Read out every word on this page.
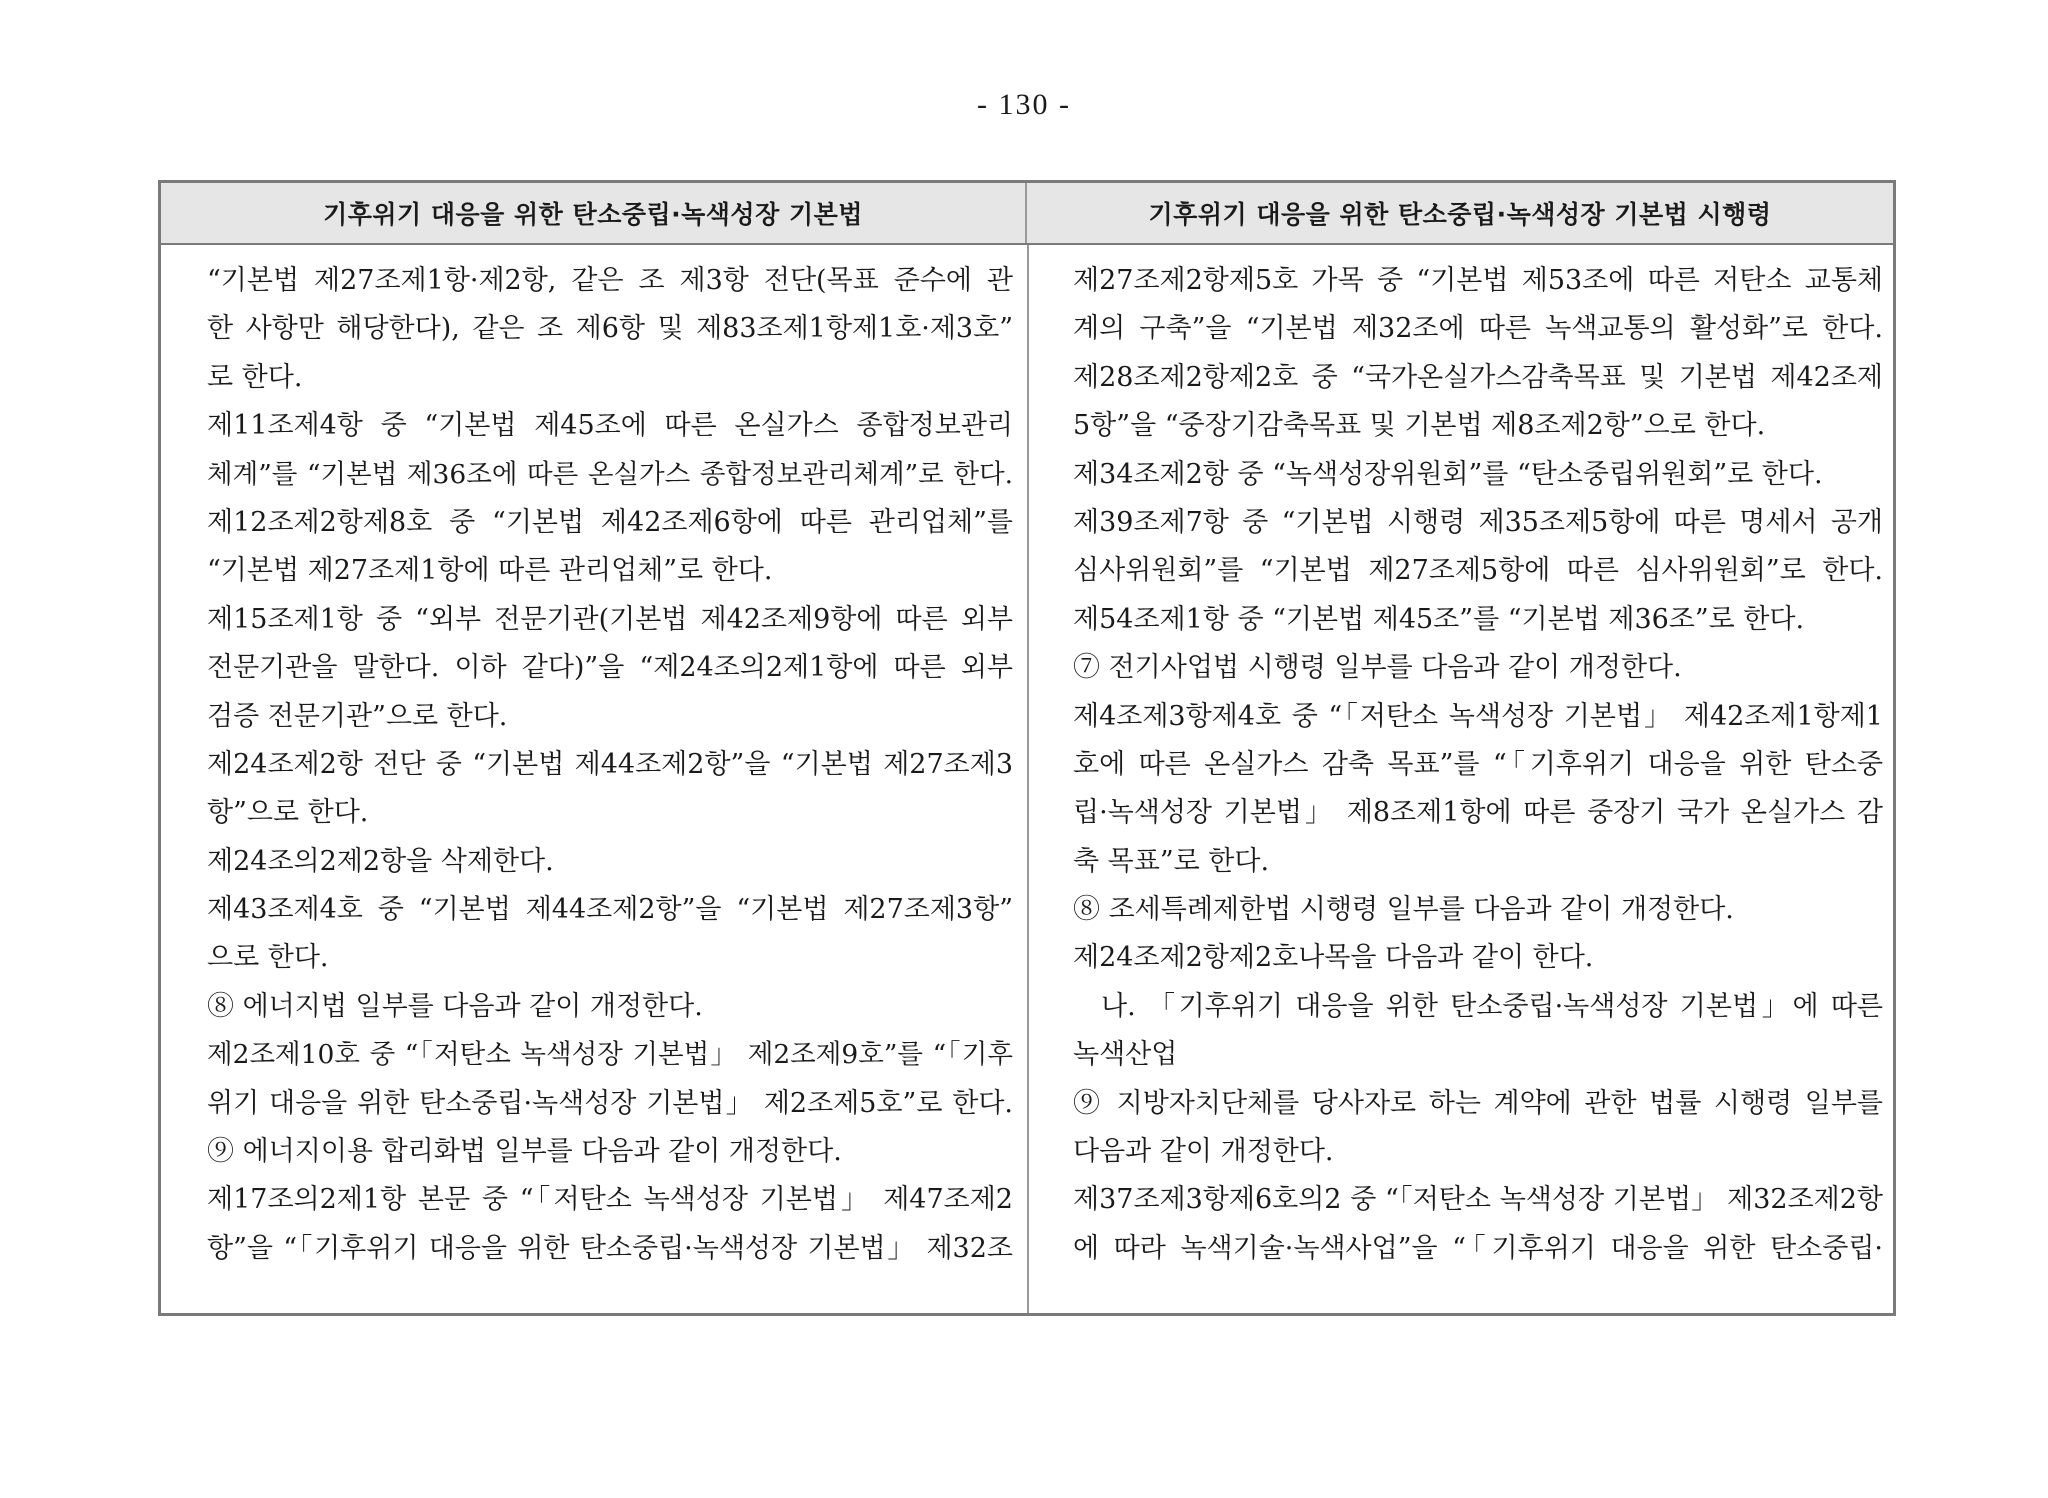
- 130 -
기후위기 대응을 위한 탄소중립·녹색성장 기본법	기후위기 대응을 위한 탄소중립·녹색성장 기본법 시행령
“기본법 제27조제1항·제2항, 같은 조 제3항 전단(목표 준수에 관
한 사항만 해당한다), 같은 조 제6항 및 제83조제1항제1호·제3호”
로 한다.
제11조제4항 중 “기본법 제45조에 따른 온실가스 종합정보관리
체계”를 “기본법 제36조에 따른 온실가스 종합정보관리체계”로 한다.
제12조제2항제8호 중 “기본법 제42조제6항에 따른 관리업체”를
“기본법 제27조제1항에 따른 관리업체”로 한다.
제15조제1항 중 “외부 전문기관(기본법 제42조제9항에 따른 외부
전문기관을 말한다. 이하 같다)”을 “제24조의2제1항에 따른 외부
검증 전문기관”으로 한다.
제24조제2항 전단 중 “기본법 제44조제2항”을 “기본법 제27조제3
항”으로 한다.
제24조의2제2항을 삭제한다.
제43조제4호 중 “기본법 제44조제2항”을 “기본법 제27조제3항”
으로 한다.
⑧ 에너지법 일부를 다음과 같이 개정한다.
제2조제10호 중 “「저탄소 녹색성장 기본법」 제2조제9호”를 “「기후
위기 대응을 위한 탄소중립·녹색성장 기본법」 제2조제5호”로 한다.
⑨ 에너지이용 합리화법 일부를 다음과 같이 개정한다.
제17조의2제1항 본문 중 “「저탄소 녹색성장 기본법」 제47조제2
항”을 “「기후위기 대응을 위한 탄소중립·녹색성장 기본법」 제32조
제27조제2항제5호 가목 중 “기본법 제53조에 따른 저탄소 교통체
계의 구축”을 “기본법 제32조에 따른 녹색교통의 활성화”로 한다.
제28조제2항제2호 중 “국가온실가스감축목표 및 기본법 제42조제
5항”을 “중장기감축목표 및 기본법 제8조제2항”으로 한다.
제34조제2항 중 “녹색성장위원회”를 “탄소중립위원회”로 한다.
제39조제7항 중 “기본법 시행령 제35조제5항에 따른 명세서 공개
심사위원회”를 “기본법 제27조제5항에 따른 심사위원회”로 한다.
제54조제1항 중 “기본법 제45조”를 “기본법 제36조”로 한다.
⑦ 전기사업법 시행령 일부를 다음과 같이 개정한다.
제4조제3항제4호 중 “「저탄소 녹색성장 기본법」 제42조제1항제1
호에 따른 온실가스 감축 목표”를 “「기후위기 대응을 위한 탄소중
립·녹색성장 기본법」 제8조제1항에 따른 중장기 국가 온실가스 감
축 목표”로 한다.
⑧ 조세특례제한법 시행령 일부를 다음과 같이 개정한다.
제24조제2항제2호나목을 다음과 같이 한다.
나. 「기후위기 대응을 위한 탄소중립·녹색성장 기본법」에 따른
녹색산업
⑨ 지방자치단체를 당사자로 하는 계약에 관한 법률 시행령 일부를
다음과 같이 개정한다.
제37조제3항제6호의2 중 “「저탄소 녹색성장 기본법」 제32조제2항
에 따라 녹색기술·녹색사업”을 “「기후위기 대응을 위한 탄소중립·
